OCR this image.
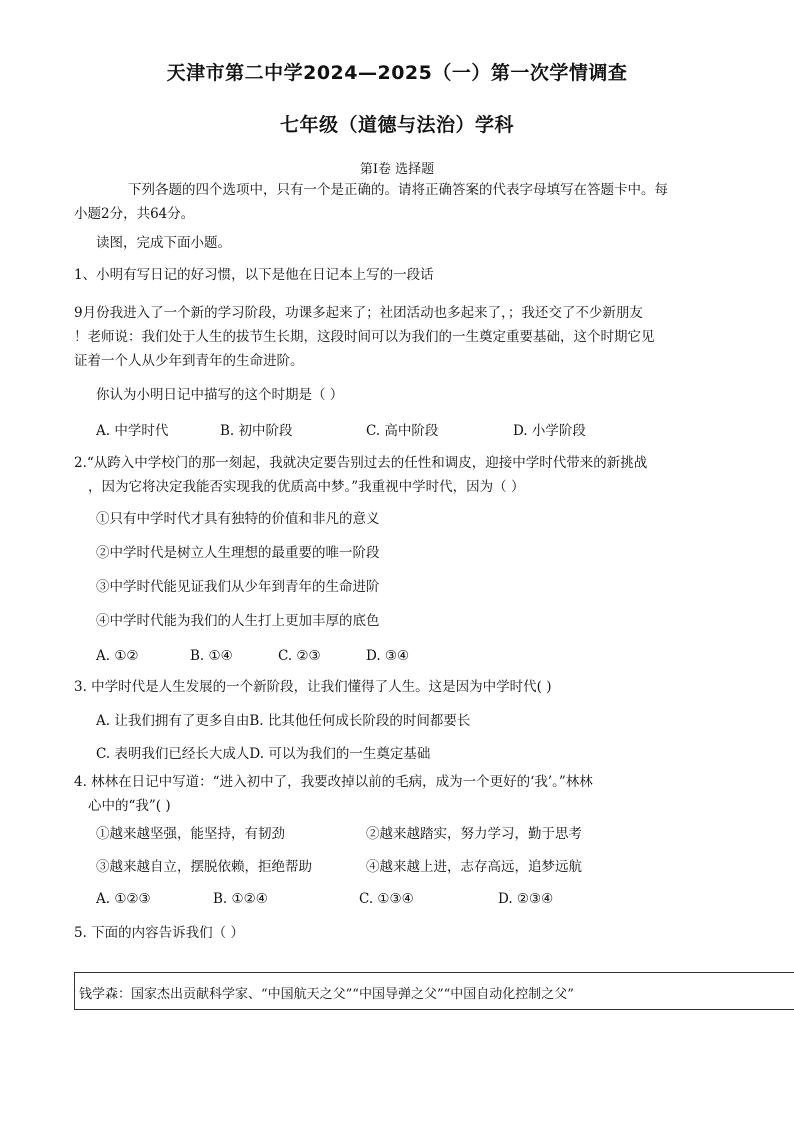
天津市第二中学2024—2025（一）第一次学情调查
七年级（道德与法治）学科
第Ⅰ卷 选择题
下列各题的四个选项中，只有一个是正确的。请将正确答案的代表字母填写在答题卡中。每
小题2分，共64分。
读图，完成下面小题。
1、小明有写日记的好习惯，以下是他在日记本上写的一段话
9月份我进入了一个新的学习阶段，功课多起来了；社团活动也多起来了，；我还交了不少新朋友
！老师说：我们处于人生的拔节生长期，这段时间可以为我们的一生奠定重要基础，这个时期它见
证着一个人从少年到青年的生命进阶。
你认为小明日记中描写的这个时期是（ ）
A. 中学时代	B. 初中阶段	C. 高中阶段	D. 小学阶段
2.“从跨入中学校门的那一刻起，我就决定要告别过去的任性和调皮，迎接中学时代带来的新挑战
，因为它将决定我能否实现我的优质高中梦。”我重视中学时代，因为（ ）
①只有中学时代才具有独特的价值和非凡的意义
②中学时代是树立人生理想的最重要的唯一阶段
③中学时代能见证我们从少年到青年的生命进阶
④中学时代能为我们的人生打上更加丰厚的底色
A. ①②	B. ①④	C. ②③	D. ③④
3. 中学时代是人生发展的一个新阶段，让我们懂得了人生。这是因为中学时代( )
A. 让我们拥有了更多自由B. 比其他任何成长阶段的时间都要长
C. 表明我们已经长大成人D. 可以为我们的一生奠定基础
4. 林林在日记中写道：“进入初中了，我要改掉以前的毛病，成为一个更好的‘我’。”林林
心中的“我”( )
①越来越坚强，能坚持，有韧劲	②越来越踏实，努力学习，勤于思考
③越来越自立，摆脱依赖，拒绝帮助	④越来越上进，志存高远，追梦远航
A. ①②③	B. ①②④	C. ①③④	D. ②③④
5. 下面的内容告诉我们（ ）
钱学森：国家杰出贡献科学家、“中国航天之父”“中国导弹之父”“中国自动化控制之父”
